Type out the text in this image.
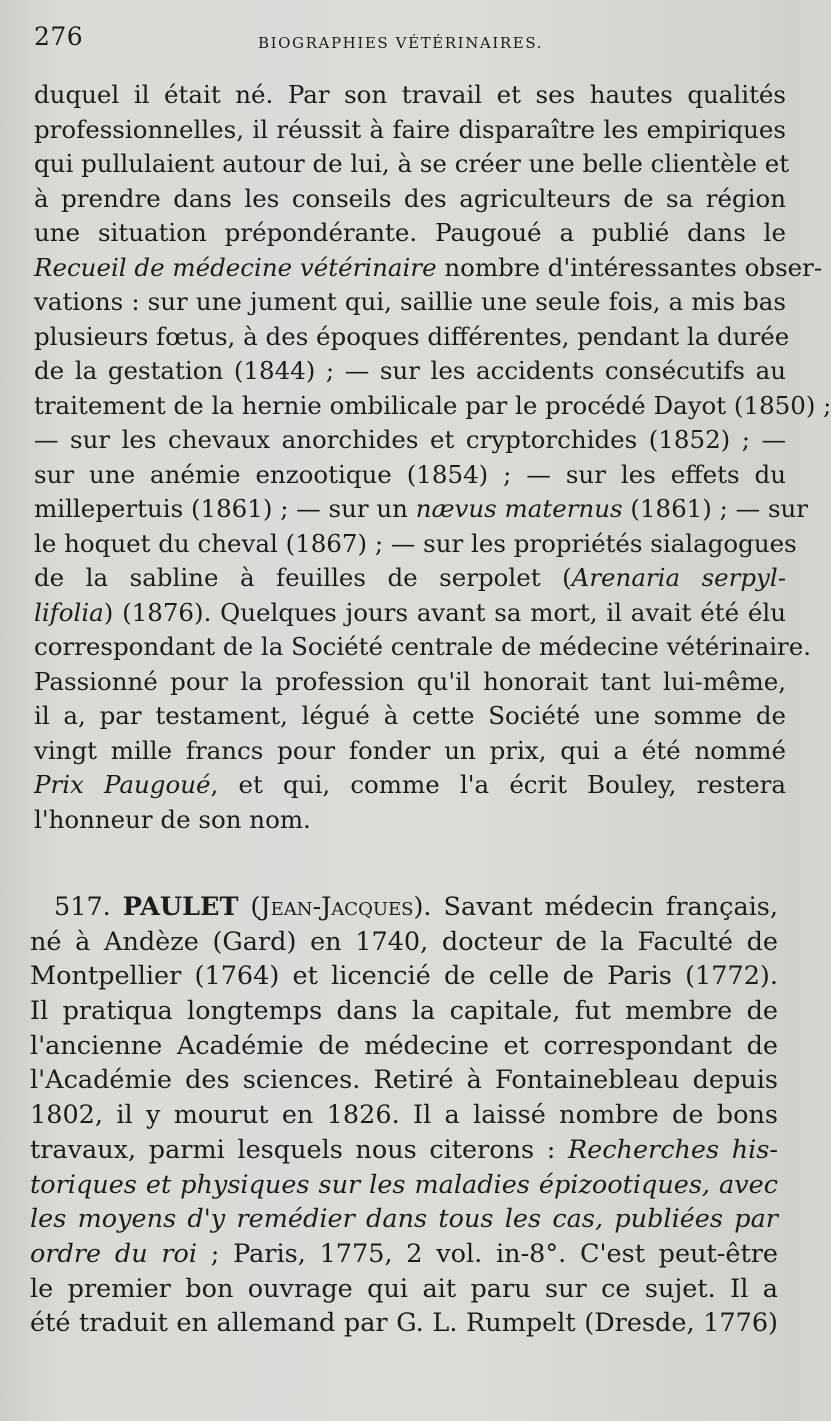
276	BIOGRAPHIES VÉTÉRINAIRES.
duquel il était né. Par son travail et ses hautes qualités
professionnelles, il réussit à faire disparaître les empiriques
qui pullulaient autour de lui, à se créer une belle clientèle et
à prendre dans les conseils des agriculteurs de sa région
une situation prépondérante. Paugoué a publié dans le
Recueil de médecine vétérinaire nombre d'intéressantes obser-
vations : sur une jument qui, saillie une seule fois, a mis bas
plusieurs fœtus, à des époques différentes, pendant la durée
de la gestation (1844) ; — sur les accidents consécutifs au
traitement de la hernie ombilicale par le procédé Dayot (1850) ;
— sur les chevaux anorchides et cryptorchides (1852) ; —
sur une anémie enzootique (1854) ; — sur les effets du
millepertuis (1861) ; — sur un nævus maternus (1861) ; — sur
le hoquet du cheval (1867) ; — sur les propriétés sialagogues
de la sabline à feuilles de serpolet (Arenaria serpyl-
lifolia) (1876). Quelques jours avant sa mort, il avait été élu
correspondant de la Société centrale de médecine vétérinaire.
Passionné pour la profession qu'il honorait tant lui-même,
il a, par testament, légué à cette Société une somme de
vingt mille francs pour fonder un prix, qui a été nommé
Prix Paugoué, et qui, comme l'a écrit Bouley, restera
l'honneur de son nom.
517. PAULET (Jean-Jacques). Savant médecin français,
né à Andèze (Gard) en 1740, docteur de la Faculté de
Montpellier (1764) et licencié de celle de Paris (1772).
Il pratiqua longtemps dans la capitale, fut membre de
l'ancienne Académie de médecine et correspondant de
l'Académie des sciences. Retiré à Fontainebleau depuis
1802, il y mourut en 1826. Il a laissé nombre de bons
travaux, parmi lesquels nous citerons : Recherches his-
toriques et physiques sur les maladies épizootiques, avec
les moyens d'y remédier dans tous les cas, publiées par
ordre du roi ; Paris, 1775, 2 vol. in-8°. C'est peut-être
le premier bon ouvrage qui ait paru sur ce sujet. Il a
été traduit en allemand par G. L. Rumpelt (Dresde, 1776)
